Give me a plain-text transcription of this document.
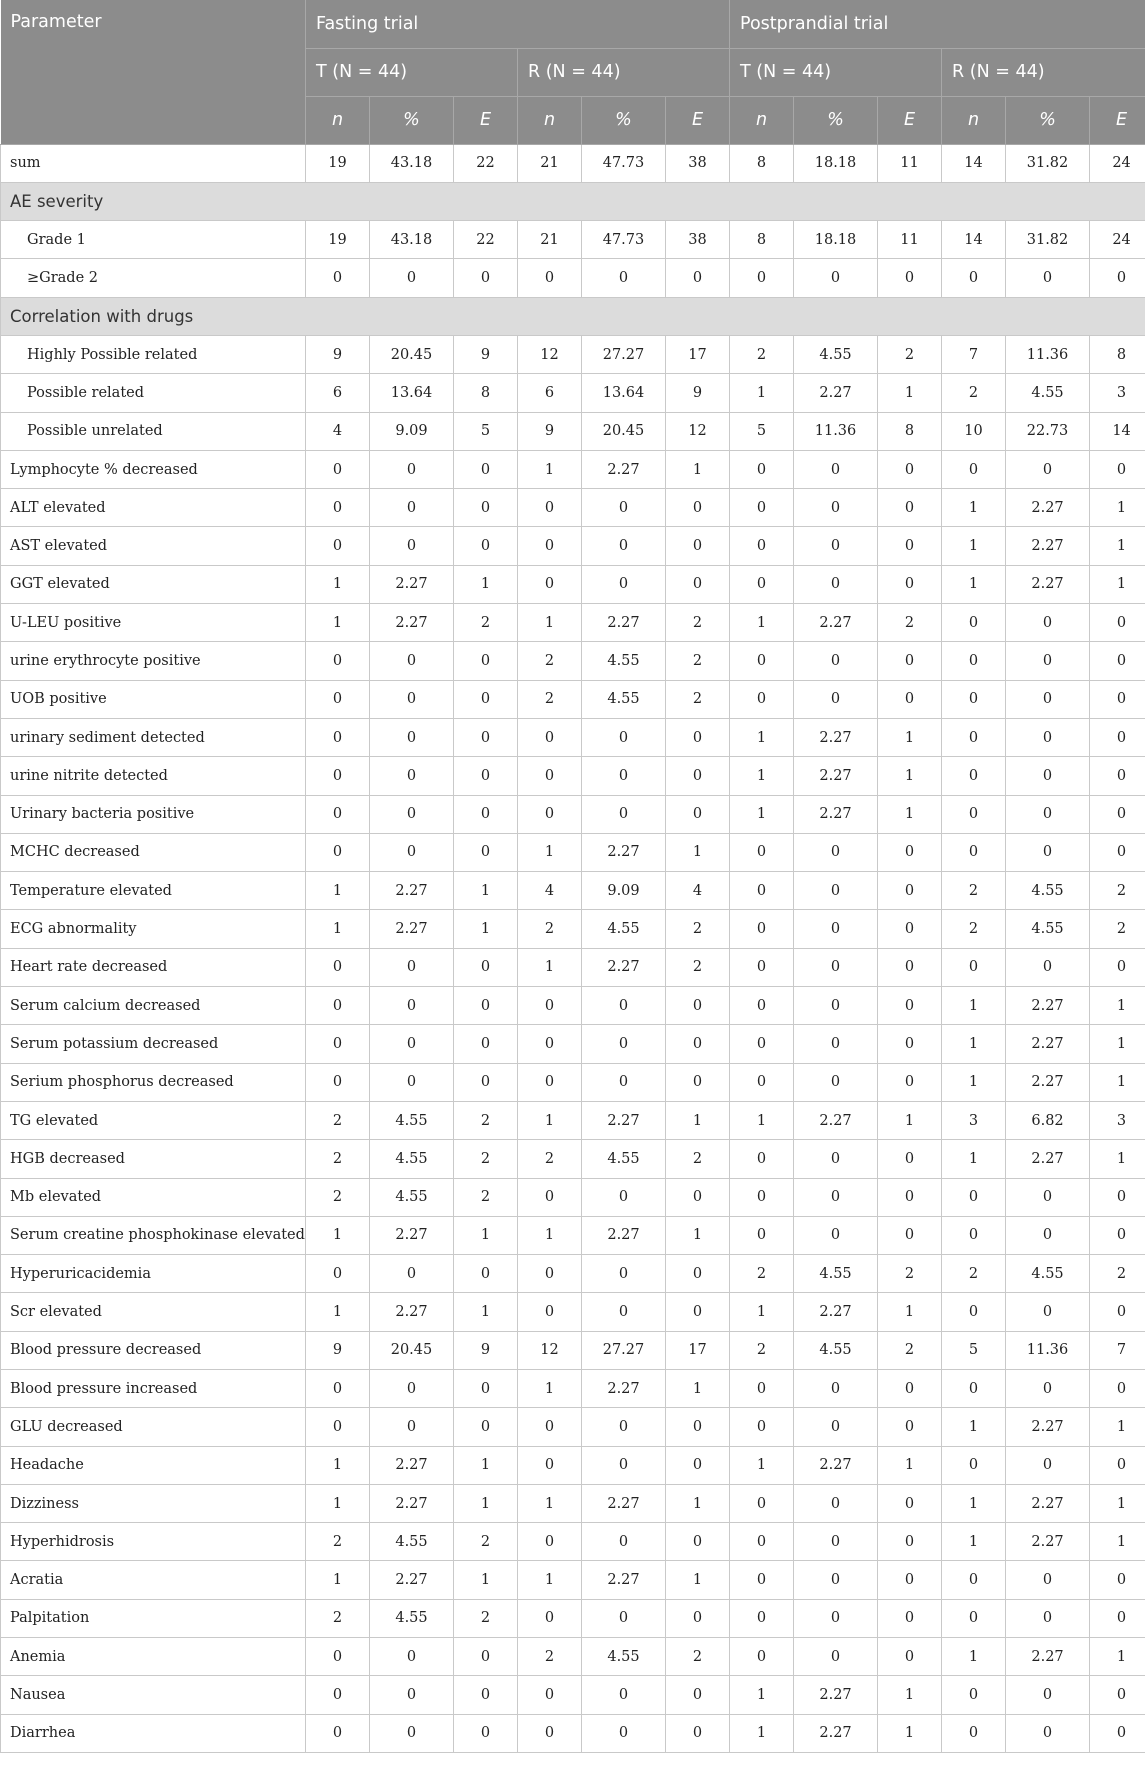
Parameter	Fasting trial						Postprandial trial					
	T (N = 44)			R (N = 44)			T (N = 44)			R (N = 44)		
	n	%	E	n	%	E	n	%	E	n	%	E
sum	19	43.18	22	21	47.73	38	8	18.18	11	14	31.82	24
AE severity												
Grade 1	19	43.18	22	21	47.73	38	8	18.18	11	14	31.82	24
≥Grade 2	0	0	0	0	0	0	0	0	0	0	0	0
Correlation with drugs												
Highly Possible related	9	20.45	9	12	27.27	17	2	4.55	2	7	11.36	8
Possible related	6	13.64	8	6	13.64	9	1	2.27	1	2	4.55	3
Possible unrelated	4	9.09	5	9	20.45	12	5	11.36	8	10	22.73	14
Lymphocyte % decreased	0	0	0	1	2.27	1	0	0	0	0	0	0
ALT elevated	0	0	0	0	0	0	0	0	0	1	2.27	1
AST elevated	0	0	0	0	0	0	0	0	0	1	2.27	1
GGT elevated	1	2.27	1	0	0	0	0	0	0	1	2.27	1
U-LEU positive	1	2.27	2	1	2.27	2	1	2.27	2	0	0	0
urine erythrocyte positive	0	0	0	2	4.55	2	0	0	0	0	0	0
UOB positive	0	0	0	2	4.55	2	0	0	0	0	0	0
urinary sediment detected	0	0	0	0	0	0	1	2.27	1	0	0	0
urine nitrite detected	0	0	0	0	0	0	1	2.27	1	0	0	0
Urinary bacteria positive	0	0	0	0	0	0	1	2.27	1	0	0	0
MCHC decreased	0	0	0	1	2.27	1	0	0	0	0	0	0
Temperature elevated	1	2.27	1	4	9.09	4	0	0	0	2	4.55	2
ECG abnormality	1	2.27	1	2	4.55	2	0	0	0	2	4.55	2
Heart rate decreased	0	0	0	1	2.27	2	0	0	0	0	0	0
Serum calcium decreased	0	0	0	0	0	0	0	0	0	1	2.27	1
Serum potassium decreased	0	0	0	0	0	0	0	0	0	1	2.27	1
Serium phosphorus decreased	0	0	0	0	0	0	0	0	0	1	2.27	1
TG elevated	2	4.55	2	1	2.27	1	1	2.27	1	3	6.82	3
HGB decreased	2	4.55	2	2	4.55	2	0	0	0	1	2.27	1
Mb elevated	2	4.55	2	0	0	0	0	0	0	0	0	0
Serum creatine phosphokinase elevated	1	2.27	1	1	2.27	1	0	0	0	0	0	0
Hyperuricacidemia	0	0	0	0	0	0	2	4.55	2	2	4.55	2
Scr elevated	1	2.27	1	0	0	0	1	2.27	1	0	0	0
Blood pressure decreased	9	20.45	9	12	27.27	17	2	4.55	2	5	11.36	7
Blood pressure increased	0	0	0	1	2.27	1	0	0	0	0	0	0
GLU decreased	0	0	0	0	0	0	0	0	0	1	2.27	1
Headache	1	2.27	1	0	0	0	1	2.27	1	0	0	0
Dizziness	1	2.27	1	1	2.27	1	0	0	0	1	2.27	1
Hyperhidrosis	2	4.55	2	0	0	0	0	0	0	1	2.27	1
Acratia	1	2.27	1	1	2.27	1	0	0	0	0	0	0
Palpitation	2	4.55	2	0	0	0	0	0	0	0	0	0
Anemia	0	0	0	2	4.55	2	0	0	0	1	2.27	1
Nausea	0	0	0	0	0	0	1	2.27	1	0	0	0
Diarrhea	0	0	0	0	0	0	1	2.27	1	0	0	0
